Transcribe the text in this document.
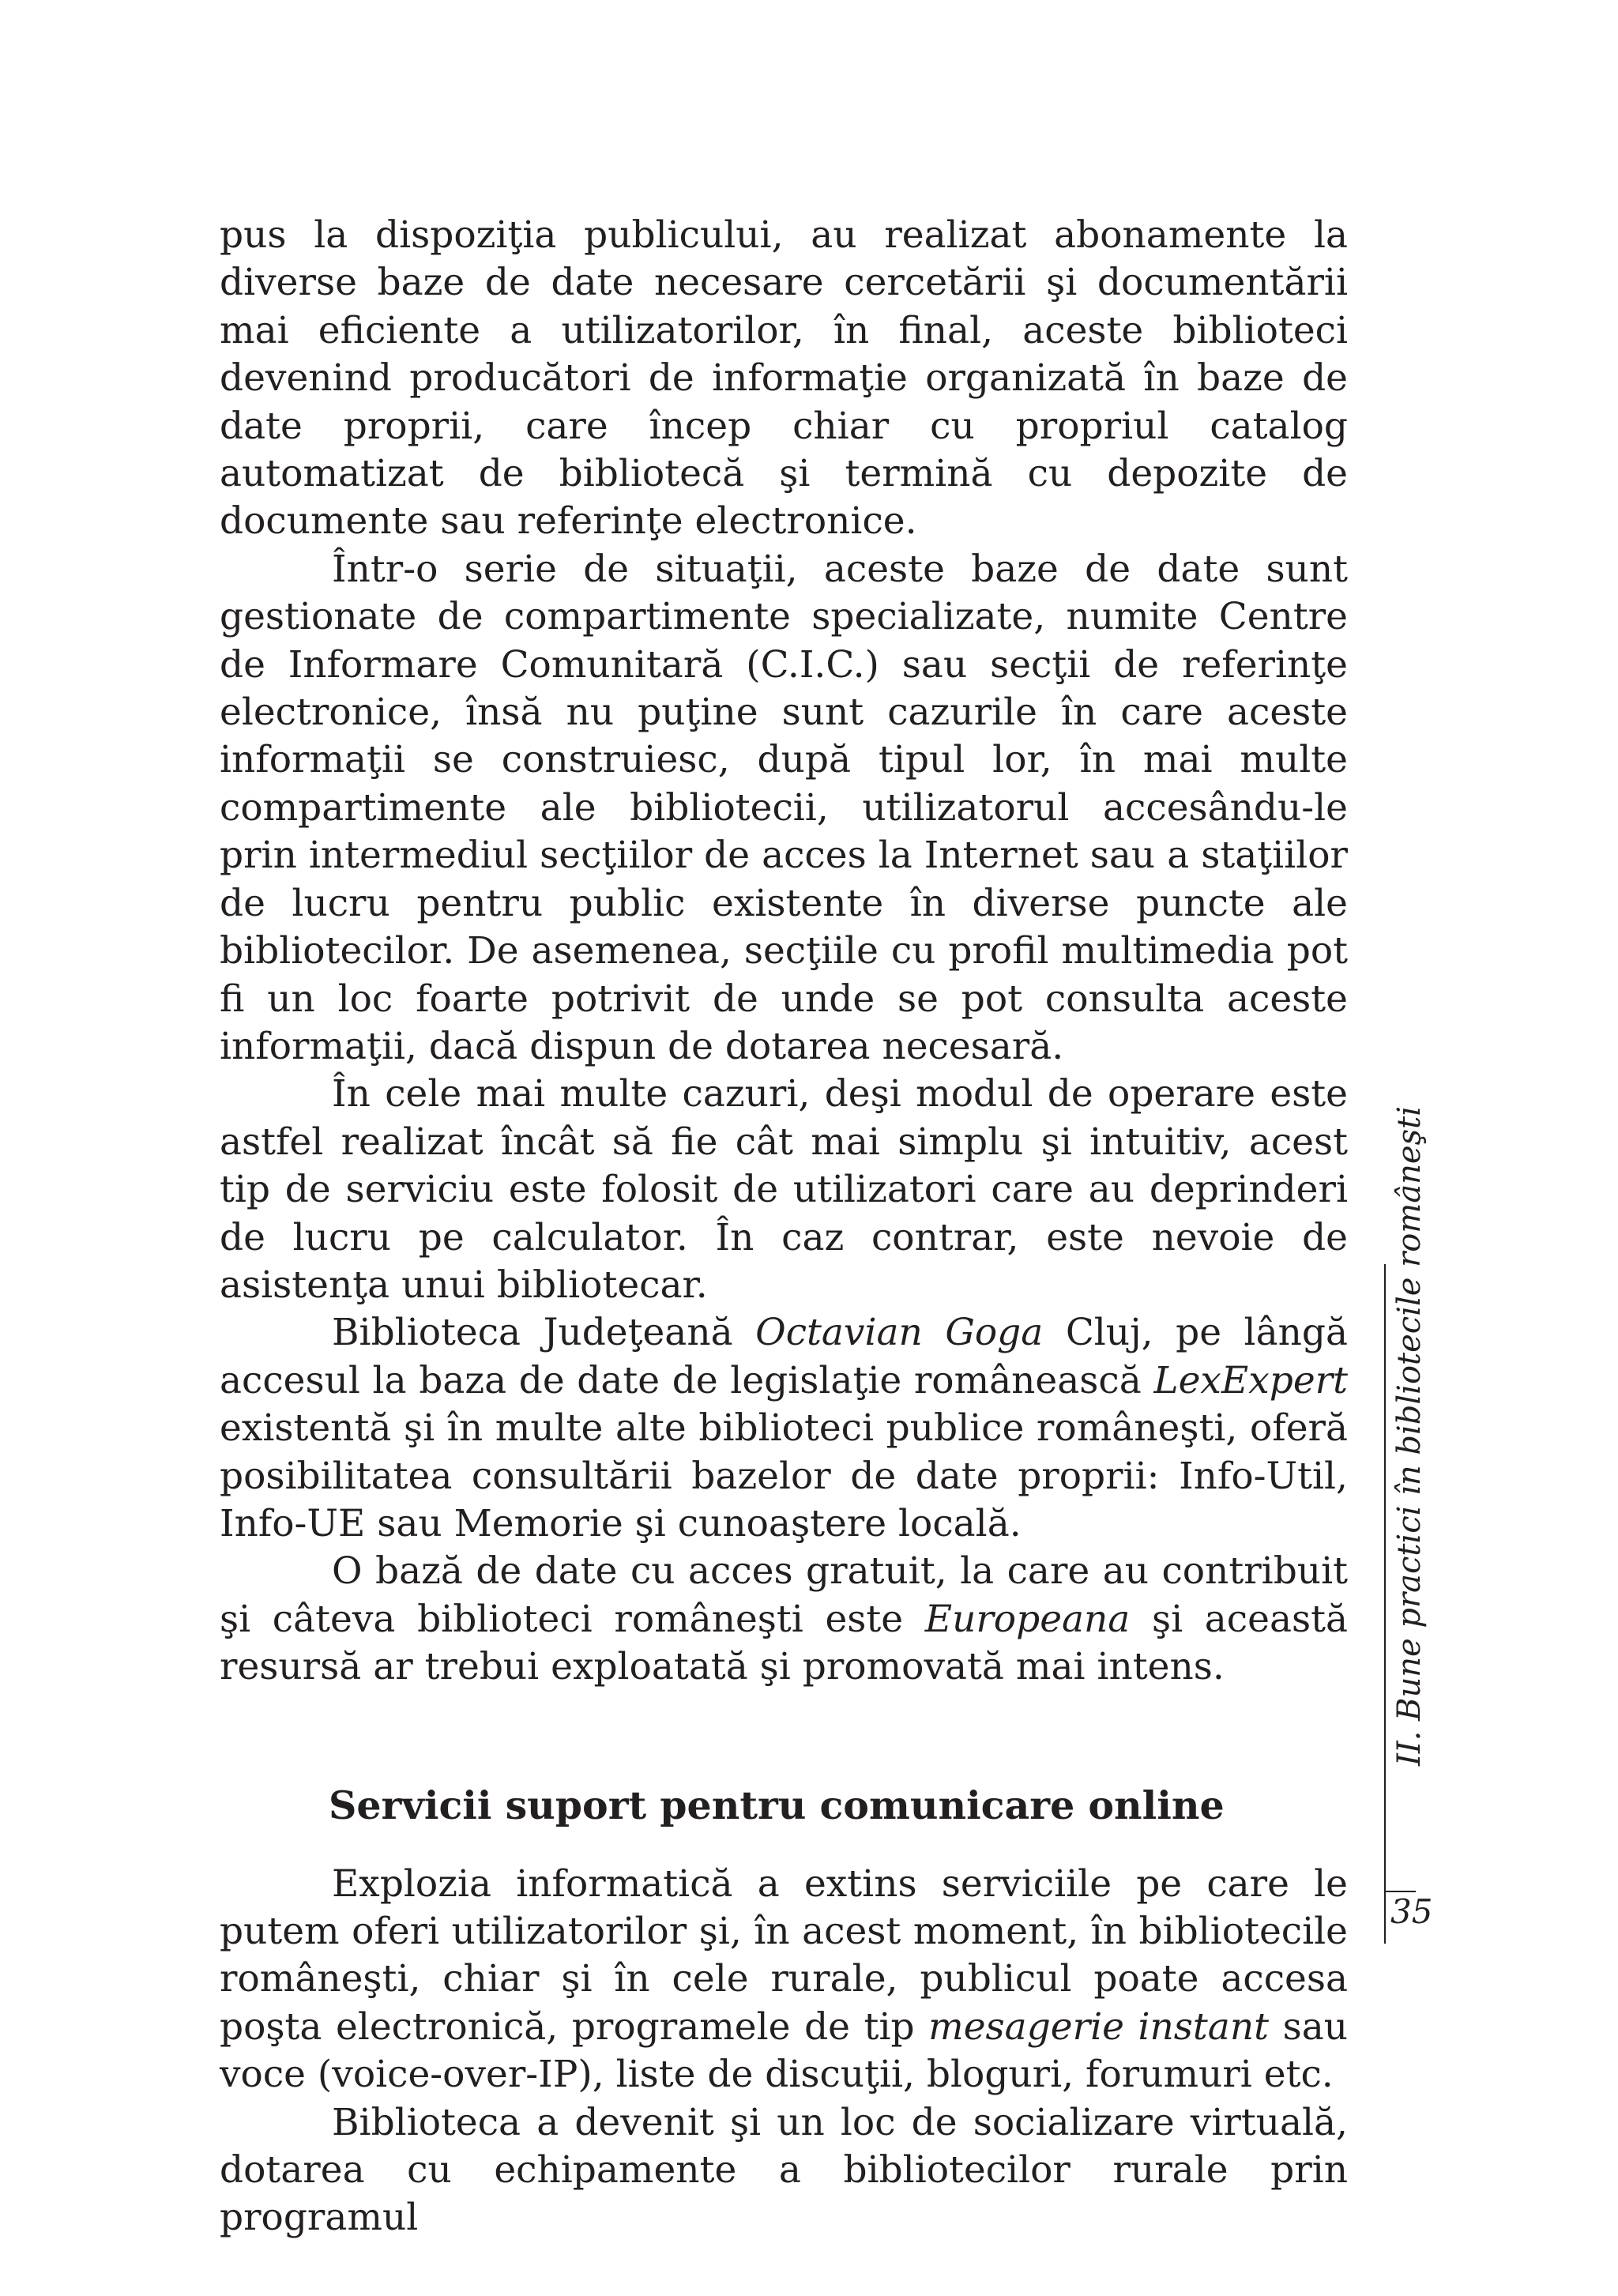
pus la dispoziţia publicului, au realizat abonamente la diverse baze de date necesare cercetării şi documentării mai eficiente a utilizatorilor, în final, aceste biblioteci devenind producători de informaţie organizată în baze de date proprii, care încep chiar cu propriul catalog automatizat de bibliotecă şi termină cu depozite de documente sau referinţe electronice.

Într-o serie de situaţii, aceste baze de date sunt gestionate de compartimente specializate, numite Centre de Informare Comunitară (C.I.C.) sau secţii de referinţe electronice, însă nu puţine sunt cazurile în care aceste informaţii se construiesc, după tipul lor, în mai multe compartimente ale bibliotecii, utilizatorul accesându-le prin intermediul secţiilor de acces la Internet sau a staţiilor de lucru pentru public existente în diverse puncte ale bibliotecilor. De asemenea, secţiile cu profil multimedia pot fi un loc foarte potrivit de unde se pot consulta aceste informaţii, dacă dispun de dotarea necesară.

În cele mai multe cazuri, deşi modul de operare este astfel realizat încât să fie cât mai simplu şi intuitiv, acest tip de serviciu este folosit de utilizatori care au deprinderi de lucru pe calculator. În caz contrar, este nevoie de asistenţa unui bibliotecar.

Biblioteca Judeţeană Octavian Goga Cluj, pe lângă accesul la baza de date de legislaţie românească LexExpert existentă şi în multe alte biblioteci publice româneşti, oferă posibilitatea consultării bazelor de date proprii: Info-Util, Info-UE sau Memorie şi cunoaştere locală.

O bază de date cu acces gratuit, la care au contribuit şi câteva biblioteci româneşti este Europeana şi această resursă ar trebui exploatată şi promovată mai intens.

Servicii suport pentru comunicare online

Explozia informatică a extins serviciile pe care le putem oferi utilizatorilor şi, în acest moment, în bibliotecile româneşti, chiar şi în cele rurale, publicul poate accesa poşta electronică, programele de tip mesagerie instant sau voce (voice-over-IP), liste de discuţii, bloguri, forumuri etc.

Biblioteca a devenit şi un loc de socializare virtuală, dotarea cu echipamente a bibliotecilor rurale prin programul

II. Bune practici în bibliotecile româneşti
35
